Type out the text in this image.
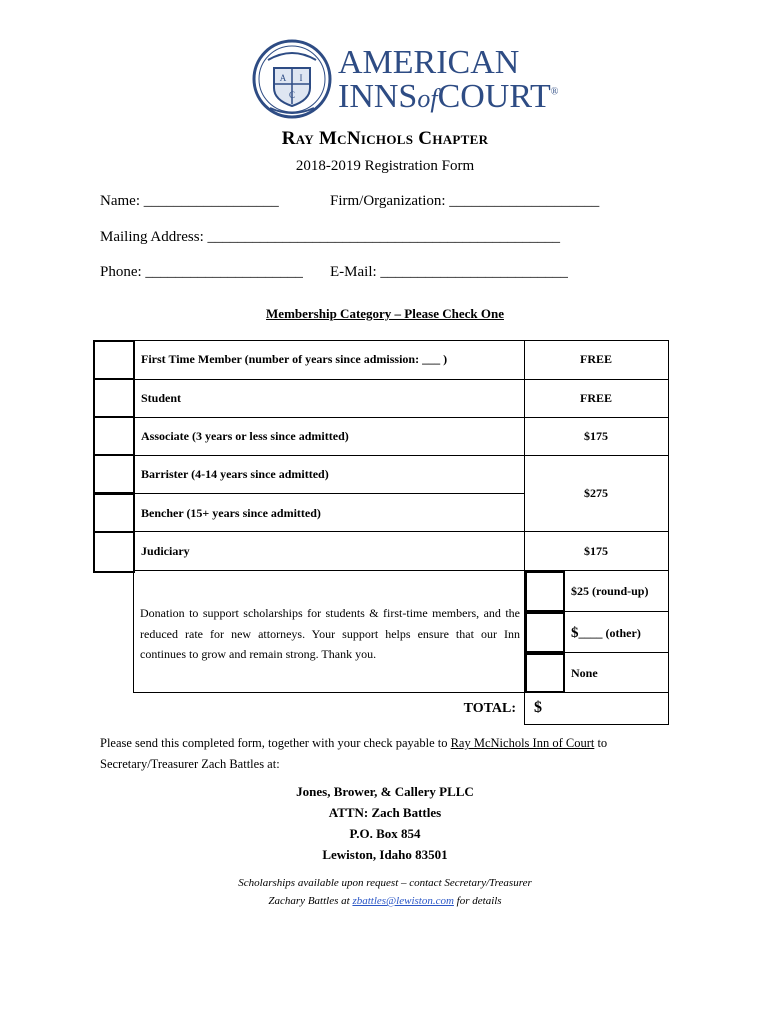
A I
C
AMERICAN
INNSofCOURT®
Ray McNichols Chapter
2018-2019 Registration Form
Name: __________________	Firm/Organization: ____________________
Mailing Address: _______________________________________________
Phone: _____________________ E-Mail: _________________________
Membership Category – Please Check One
First Time Member (number of years since admission: ___ )
Student
Associate (3 years or less since admitted)
Barrister (4-14 years since admitted)
Bencher (15+ years since admitted)
Judiciary
FREE
FREE
$175
$275
$175
Donation to support scholarships for students & first-time members, and the reduced rate for new attorneys. Your support helps ensure that our Inn continues to grow and remain strong. Thank you.
$25 (round-up)
$____ (other)
None
TOTAL: $
Please send this completed form, together with your check payable to Ray McNichols Inn of Court to Secretary/Treasurer Zach Battles at:
Jones, Brower, & Callery PLLC
ATTN: Zach Battles
P.O. Box 854
Lewiston, Idaho 83501
Scholarships available upon request – contact Secretary/Treasurer
Zachary Battles at zbattles@lewiston.com for details
